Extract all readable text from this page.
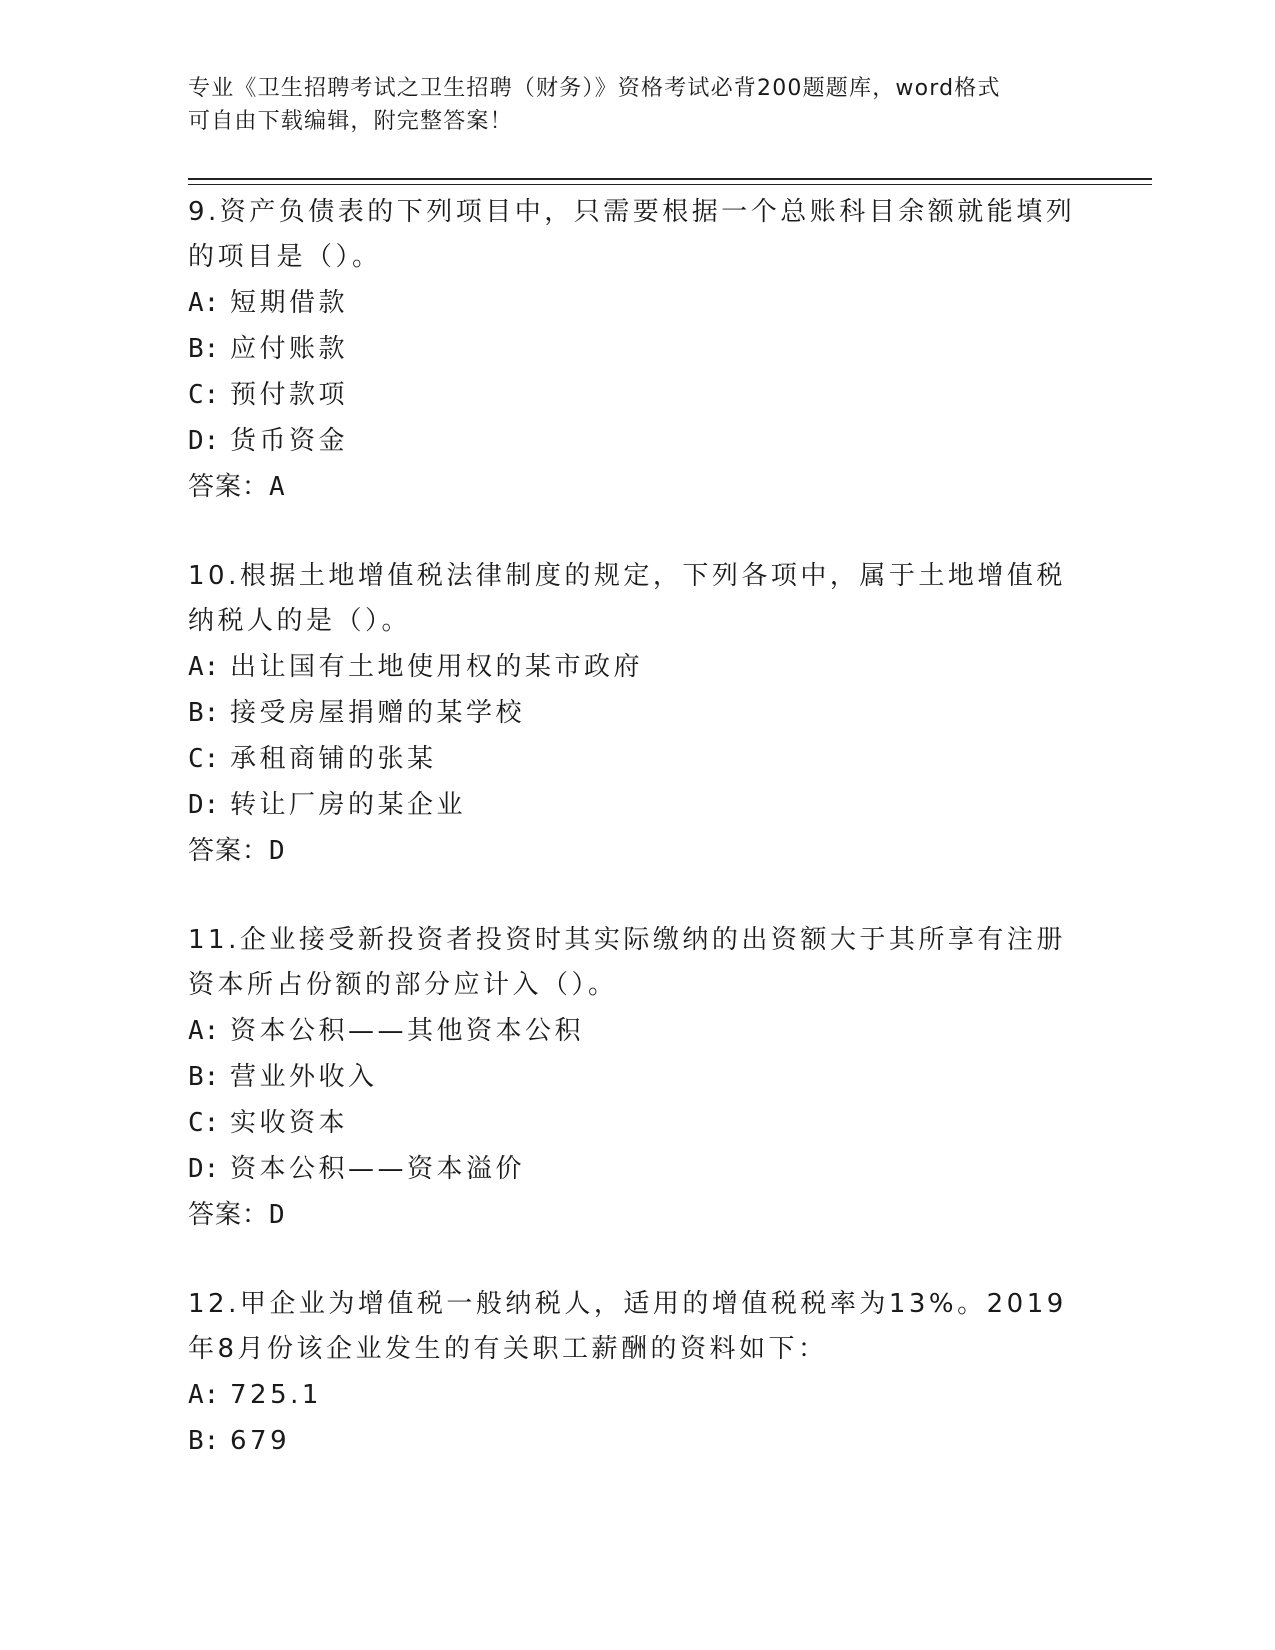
专业《卫生招聘考试之卫生招聘（财务）》资格考试必背200题题库，word格式
可自由下载编辑，附完整答案！

9.资产负债表的下列项目中，只需要根据一个总账科目余额就能填列的项目是（）。

A: 短期借款
B: 应付账款
C: 预付款项
D: 货币资金

答案：A

10.根据土地增值税法律制度的规定，下列各项中，属于土地增值税纳税人的是（）。

A: 出让国有土地使用权的某市政府
B: 接受房屋捐赠的某学校
C: 承租商铺的张某
D: 转让厂房的某企业

答案：D

11.企业接受新投资者投资时其实际缴纳的出资额大于其所享有注册资本所占份额的部分应计入（）。

A: 资本公积——其他资本公积
B: 营业外收入
C: 实收资本
D: 资本公积——资本溢价

答案：D

12.甲企业为增值税一般纳税人，适用的增值税税率为13%。2019年8月份该企业发生的有关职工薪酬的资料如下：

A: 725.1
B: 679
